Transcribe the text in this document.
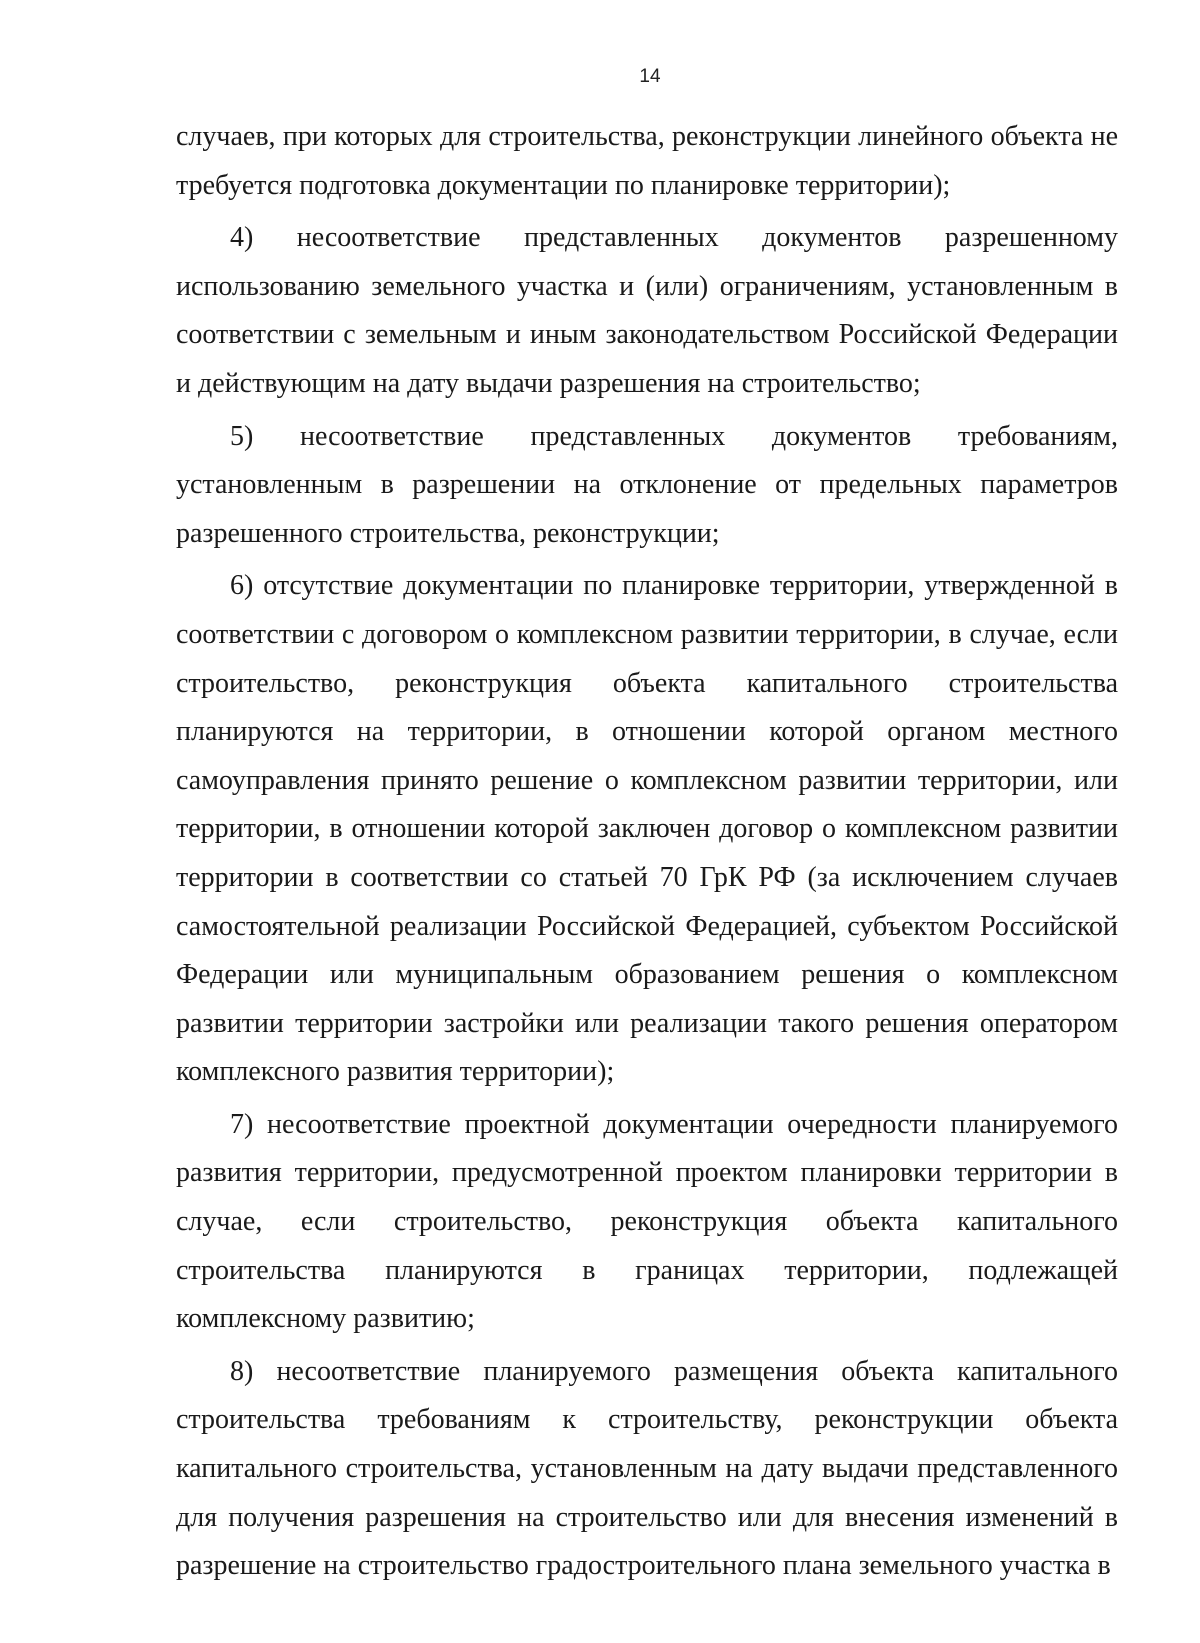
14

случаев, при которых для строительства, реконструкции линейного объекта не требуется подготовка документации по планировке территории);

4) несоответствие представленных документов разрешенному использованию земельного участка и (или) ограничениям, установленным в соответствии с земельным и иным законодательством Российской Федерации и действующим на дату выдачи разрешения на строительство;

5) несоответствие представленных документов требованиям, установленным в разрешении на отклонение от предельных параметров разрешенного строительства, реконструкции;

6) отсутствие документации по планировке территории, утвержденной в соответствии с договором о комплексном развитии территории, в случае, если строительство, реконструкция объекта капитального строительства планируются на территории, в отношении которой органом местного самоуправления принято решение о комплексном развитии территории, или территории, в отношении которой заключен договор о комплексном развитии территории в соответствии со статьей 70 ГрК РФ (за исключением случаев самостоятельной реализации Российской Федерацией, субъектом Российской Федерации или муниципальным образованием решения о комплексном развитии территории застройки или реализации такого решения оператором комплексного развития территории);

7) несоответствие проектной документации очередности планируемого развития территории, предусмотренной проектом планировки территории в случае, если строительство, реконструкция объекта капитального строительства планируются в границах территории, подлежащей комплексному развитию;

8) несоответствие планируемого размещения объекта капитального строительства требованиям к строительству, реконструкции объекта капитального строительства, установленным на дату выдачи представленного для получения разрешения на строительство или для внесения изменений в разрешение на строительство градостроительного плана земельного участка в
